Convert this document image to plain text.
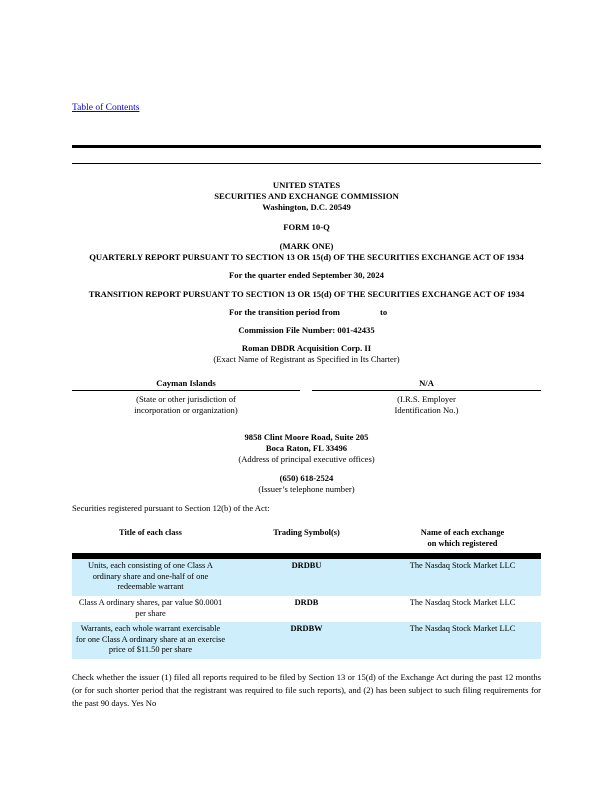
Table of Contents
UNITED STATES
SECURITIES AND EXCHANGE COMMISSION
Washington, D.C. 20549
FORM 10-Q
(MARK ONE)
QUARTERLY REPORT PURSUANT TO SECTION 13 OR 15(d) OF THE SECURITIES EXCHANGE ACT OF 1934
For the quarter ended September 30, 2024
TRANSITION REPORT PURSUANT TO SECTION 13 OR 15(d) OF THE SECURITIES EXCHANGE ACT OF 1934
For the transition period from	to
Commission File Number: 001-42435
Roman DBDR Acquisition Corp. II
(Exact Name of Registrant as Specified in Its Charter)
Cayman Islands
(State or other jurisdiction of
incorporation or organization)
N/A
(I.R.S. Employer
Identification No.)
9858 Clint Moore Road, Suite 205
Boca Raton, FL 33496
(Address of principal executive offices)
(650) 618-2524
(Issuer’s telephone number)
Securities registered pursuant to Section 12(b) of the Act:
Title of each class	Trading Symbol(s)	Name of each exchange
on which registered

Units, each consisting of one Class A ordinary share and one-half of one redeemable warrant	DRDBU	The Nasdaq Stock Market LLC
Class A ordinary shares, par value $0.0001 per share	DRDB	The Nasdaq Stock Market LLC
Warrants, each whole warrant exercisable for one Class A ordinary share at an exercise price of $11.50 per share	DRDBW	The Nasdaq Stock Market LLC
Check whether the issuer (1) filed all reports required to be filed by Section 13 or 15(d) of the Exchange Act during the past 12 months (or for such shorter period that the registrant was required to file such reports), and (2) has been subject to such filing requirements for the past 90 days. Yes No
